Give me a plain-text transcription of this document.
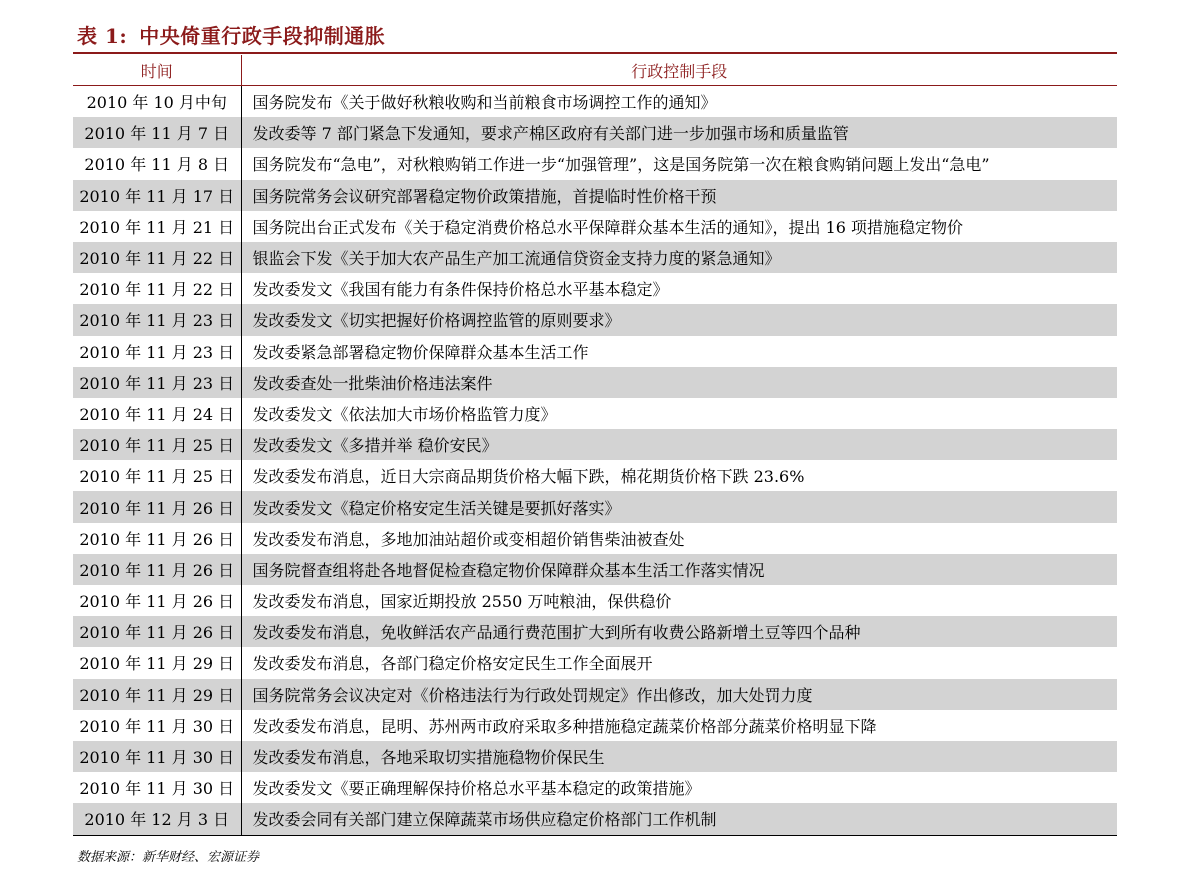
表 1: 中央倚重行政手段抑制通胀
时间	行政控制手段
2010 年 10 月中旬	国务院发布《关于做好秋粮收购和当前粮食市场调控工作的通知》
2010 年 11 月 7 日	发改委等 7 部门紧急下发通知，要求产棉区政府有关部门进一步加强市场和质量监管
2010 年 11 月 8 日	国务院发布“急电”，对秋粮购销工作进一步“加强管理”，这是国务院第一次在粮食购销问题上发出“急电”
2010 年 11 月 17 日	国务院常务会议研究部署稳定物价政策措施，首提临时性价格干预
2010 年 11 月 21 日	国务院出台正式发布《关于稳定消费价格总水平保障群众基本生活的通知》，提出 16 项措施稳定物价
2010 年 11 月 22 日	银监会下发《关于加大农产品生产加工流通信贷资金支持力度的紧急通知》
2010 年 11 月 22 日	发改委发文《我国有能力有条件保持价格总水平基本稳定》
2010 年 11 月 23 日	发改委发文《切实把握好价格调控监管的原则要求》
2010 年 11 月 23 日	发改委紧急部署稳定物价保障群众基本生活工作
2010 年 11 月 23 日	发改委查处一批柴油价格违法案件
2010 年 11 月 24 日	发改委发文《依法加大市场价格监管力度》
2010 年 11 月 25 日	发改委发文《多措并举 稳价安民》
2010 年 11 月 25 日	发改委发布消息，近日大宗商品期货价格大幅下跌，棉花期货价格下跌 23.6%
2010 年 11 月 26 日	发改委发文《稳定价格安定生活关键是要抓好落实》
2010 年 11 月 26 日	发改委发布消息，多地加油站超价或变相超价销售柴油被查处
2010 年 11 月 26 日	国务院督查组将赴各地督促检查稳定物价保障群众基本生活工作落实情况
2010 年 11 月 26 日	发改委发布消息，国家近期投放 2550 万吨粮油，保供稳价
2010 年 11 月 26 日	发改委发布消息，免收鲜活农产品通行费范围扩大到所有收费公路新增土豆等四个品种
2010 年 11 月 29 日	发改委发布消息，各部门稳定价格安定民生工作全面展开
2010 年 11 月 29 日	国务院常务会议决定对《价格违法行为行政处罚规定》作出修改，加大处罚力度
2010 年 11 月 30 日	发改委发布消息，昆明、苏州两市政府采取多种措施稳定蔬菜价格部分蔬菜价格明显下降
2010 年 11 月 30 日	发改委发布消息，各地采取切实措施稳物价保民生
2010 年 11 月 30 日	发改委发文《要正确理解保持价格总水平基本稳定的政策措施》
2010 年 12 月 3 日	发改委会同有关部门建立保障蔬菜市场供应稳定价格部门工作机制
数据来源：新华财经、宏源证券
